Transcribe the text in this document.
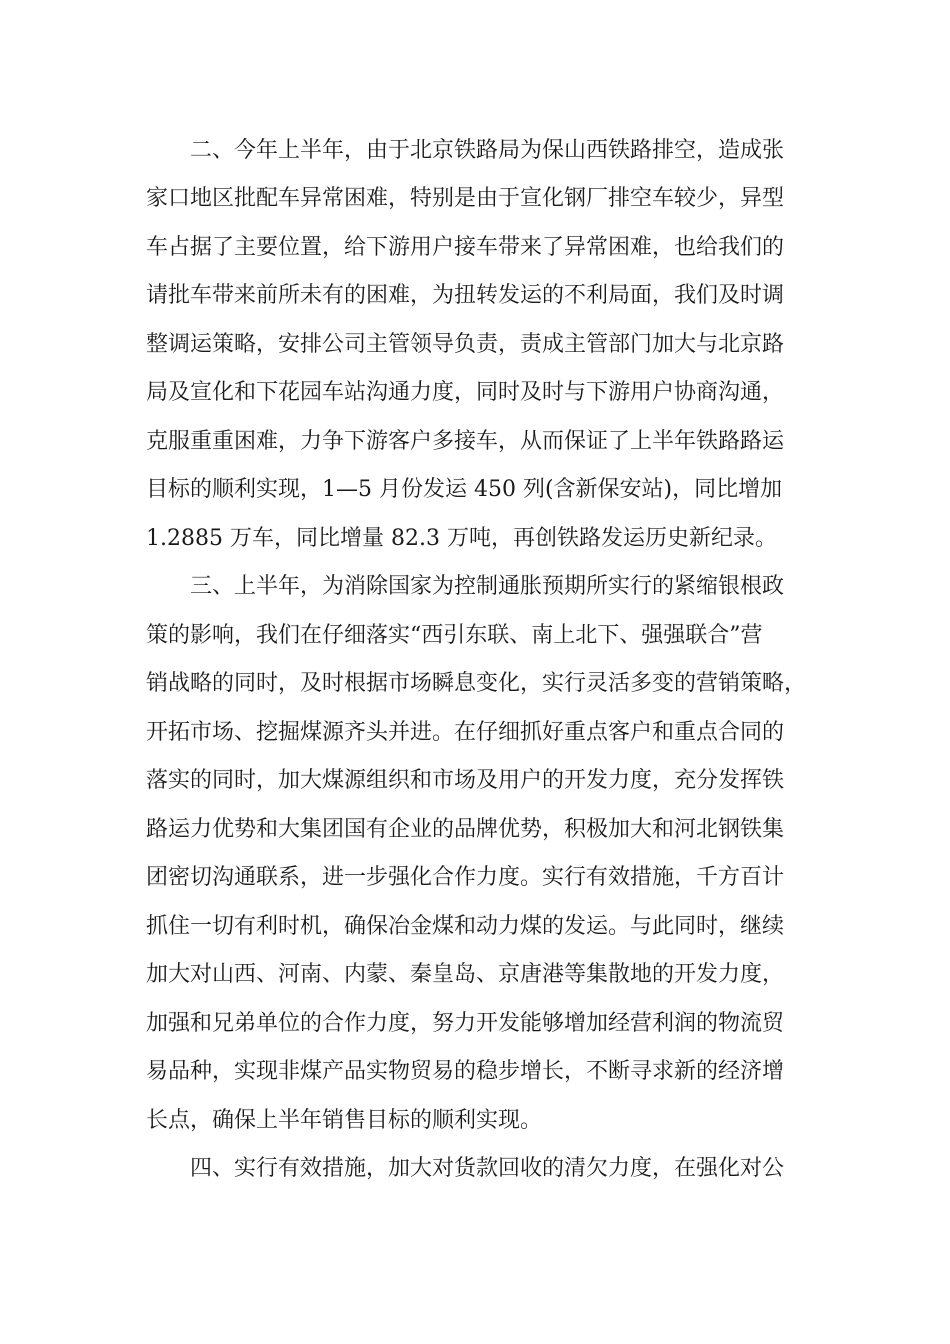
二、今年上半年，由于北京铁路局为保山西铁路排空，造成张
家口地区批配车异常困难，特别是由于宣化钢厂排空车较少，异型
车占据了主要位置，给下游用户接车带来了异常困难，也给我们的
请批车带来前所未有的困难，为扭转发运的不利局面，我们及时调
整调运策略，安排公司主管领导负责，责成主管部门加大与北京路
局及宣化和下花园车站沟通力度，同时及时与下游用户协商沟通，
克服重重困难，力争下游客户多接车，从而保证了上半年铁路路运
目标的顺利实现，1—5 月份发运 450 列(含新保安站)，同比增加
1.2885 万车，同比增量 82.3 万吨，再创铁路发运历史新纪录。
三、上半年，为消除国家为控制通胀预期所实行的紧缩银根政
策的影响，我们在仔细落实“西引东联、南上北下、强强联合”营
销战略的同时，及时根据市场瞬息变化，实行灵活多变的营销策略，
开拓市场、挖掘煤源齐头并进。在仔细抓好重点客户和重点合同的
落实的同时，加大煤源组织和市场及用户的开发力度，充分发挥铁
路运力优势和大集团国有企业的品牌优势，积极加大和河北钢铁集
团密切沟通联系，进一步强化合作力度。实行有效措施，千方百计
抓住一切有利时机，确保冶金煤和动力煤的发运。与此同时，继续
加大对山西、河南、内蒙、秦皇岛、京唐港等集散地的开发力度，
加强和兄弟单位的合作力度，努力开发能够增加经营利润的物流贸
易品种，实现非煤产品实物贸易的稳步增长，不断寻求新的经济增
长点，确保上半年销售目标的顺利实现。
四、实行有效措施，加大对货款回收的清欠力度，在强化对公
